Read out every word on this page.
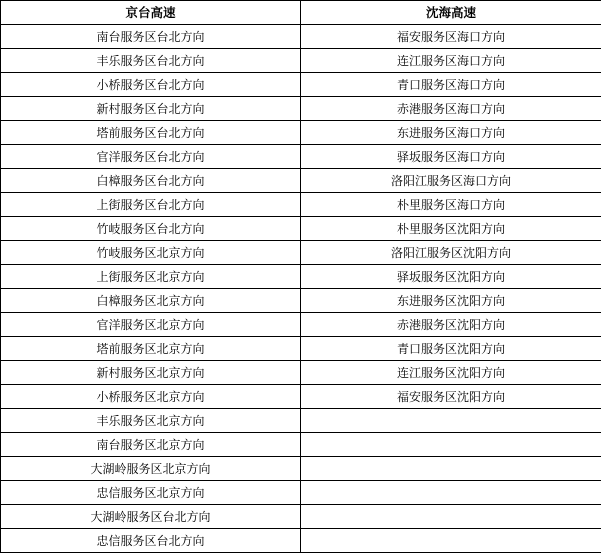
京台高速	沈海高速
南台服务区台北方向	福安服务区海口方向
丰乐服务区台北方向	连江服务区海口方向
小桥服务区台北方向	青口服务区海口方向
新村服务区台北方向	赤港服务区海口方向
塔前服务区台北方向	东进服务区海口方向
官洋服务区台北方向	驿坂服务区海口方向
白樟服务区台北方向	洛阳江服务区海口方向
上街服务区台北方向	朴里服务区海口方向
竹岐服务区台北方向	朴里服务区沈阳方向
竹岐服务区北京方向	洛阳江服务区沈阳方向
上街服务区北京方向	驿坂服务区沈阳方向
白樟服务区北京方向	东进服务区沈阳方向
官洋服务区北京方向	赤港服务区沈阳方向
塔前服务区北京方向	青口服务区沈阳方向
新村服务区北京方向	连江服务区沈阳方向
小桥服务区北京方向	福安服务区沈阳方向
丰乐服务区北京方向	
南台服务区北京方向	
大湖岭服务区北京方向	
忠信服务区北京方向	
大湖岭服务区台北方向	
忠信服务区台北方向	
